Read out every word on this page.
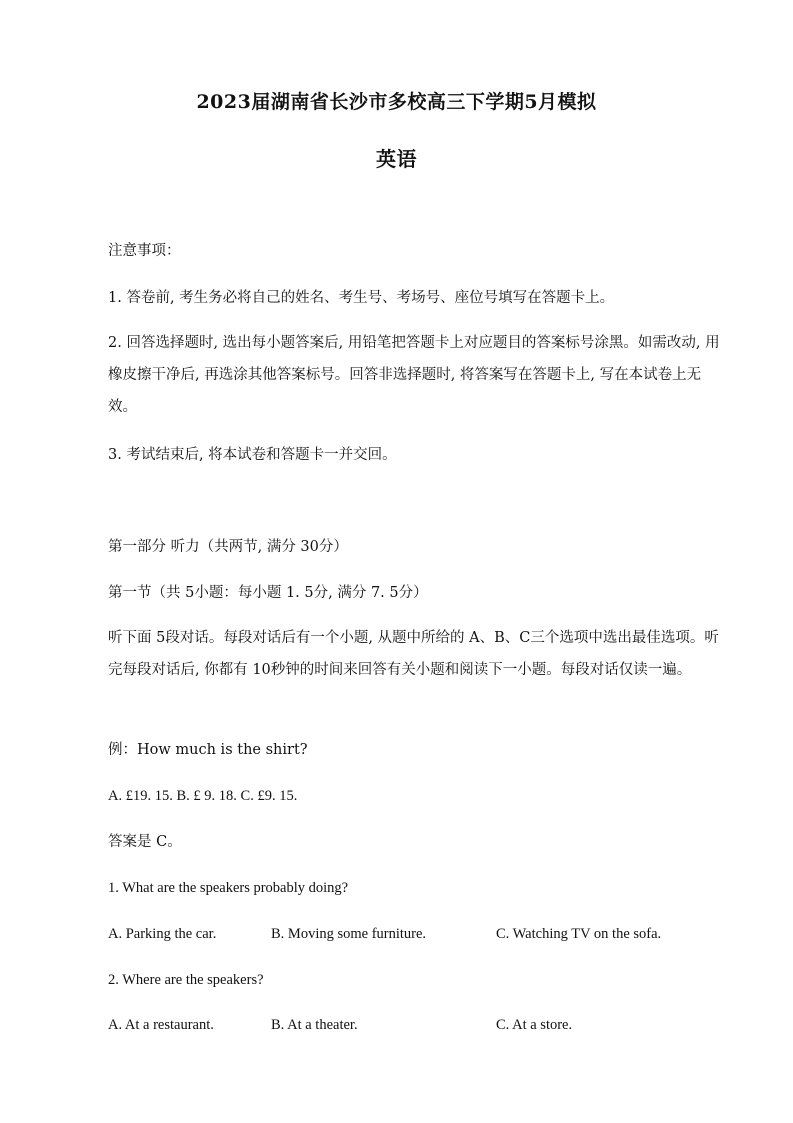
2023届湖南省长沙市多校高三下学期5月模拟
英语
注意事项：
1. 答卷前, 考生务必将自己的姓名、考生号、考场号、座位号填写在答题卡上。
2. 回答选择题时, 选出每小题答案后, 用铅笔把答题卡上对应题目的答案标号涂黑。如需改动, 用橡皮擦干净后, 再选涂其他答案标号。回答非选择题时, 将答案写在答题卡上, 写在本试卷上无效。
3. 考试结束后, 将本试卷和答题卡一并交回。
第一部分 听力（共两节, 满分 30分）
第一节（共 5小题：每小题 1. 5分, 满分 7. 5分）
听下面 5段对话。每段对话后有一个小题, 从题中所给的 A、B、C三个选项中选出最佳选项。听完每段对话后, 你都有 10秒钟的时间来回答有关小题和阅读下一小题。每段对话仅读一遍。
例：How much is the shirt?
A. £19. 15. B. £ 9. 18. C. £9. 15.
答案是 C。
1. What are the speakers probably doing?
A. Parking the car.	B. Moving some furniture.	C. Watching TV on the sofa.
2. Where are the speakers?
A. At a restaurant.	B. At a theater.	C. At a store.
